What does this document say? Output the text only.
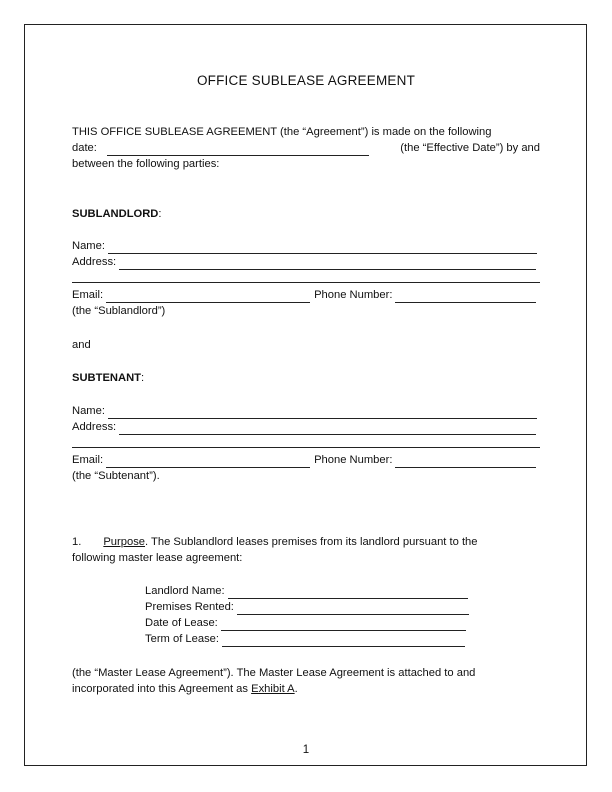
OFFICE SUBLEASE AGREEMENT

THIS OFFICE SUBLEASE AGREEMENT (the “Agreement”) is made on the following

date:	(the “Effective Date”) by and

between the following parties:

SUBLANDLORD:

Name:
Address:
Email:	Phone Number:

(the “Sublandlord”)

and

SUBTENANT:

Name:
Address:
Email:	Phone Number:

(the “Subtenant”).

1. Purpose. The Sublandlord leases premises from its landlord pursuant to the

following master lease agreement:

Landlord Name:
Premises Rented:
Date of Lease:
Term of Lease:

(the “Master Lease Agreement”). The Master Lease Agreement is attached to and

incorporated into this Agreement as Exhibit A.

1
